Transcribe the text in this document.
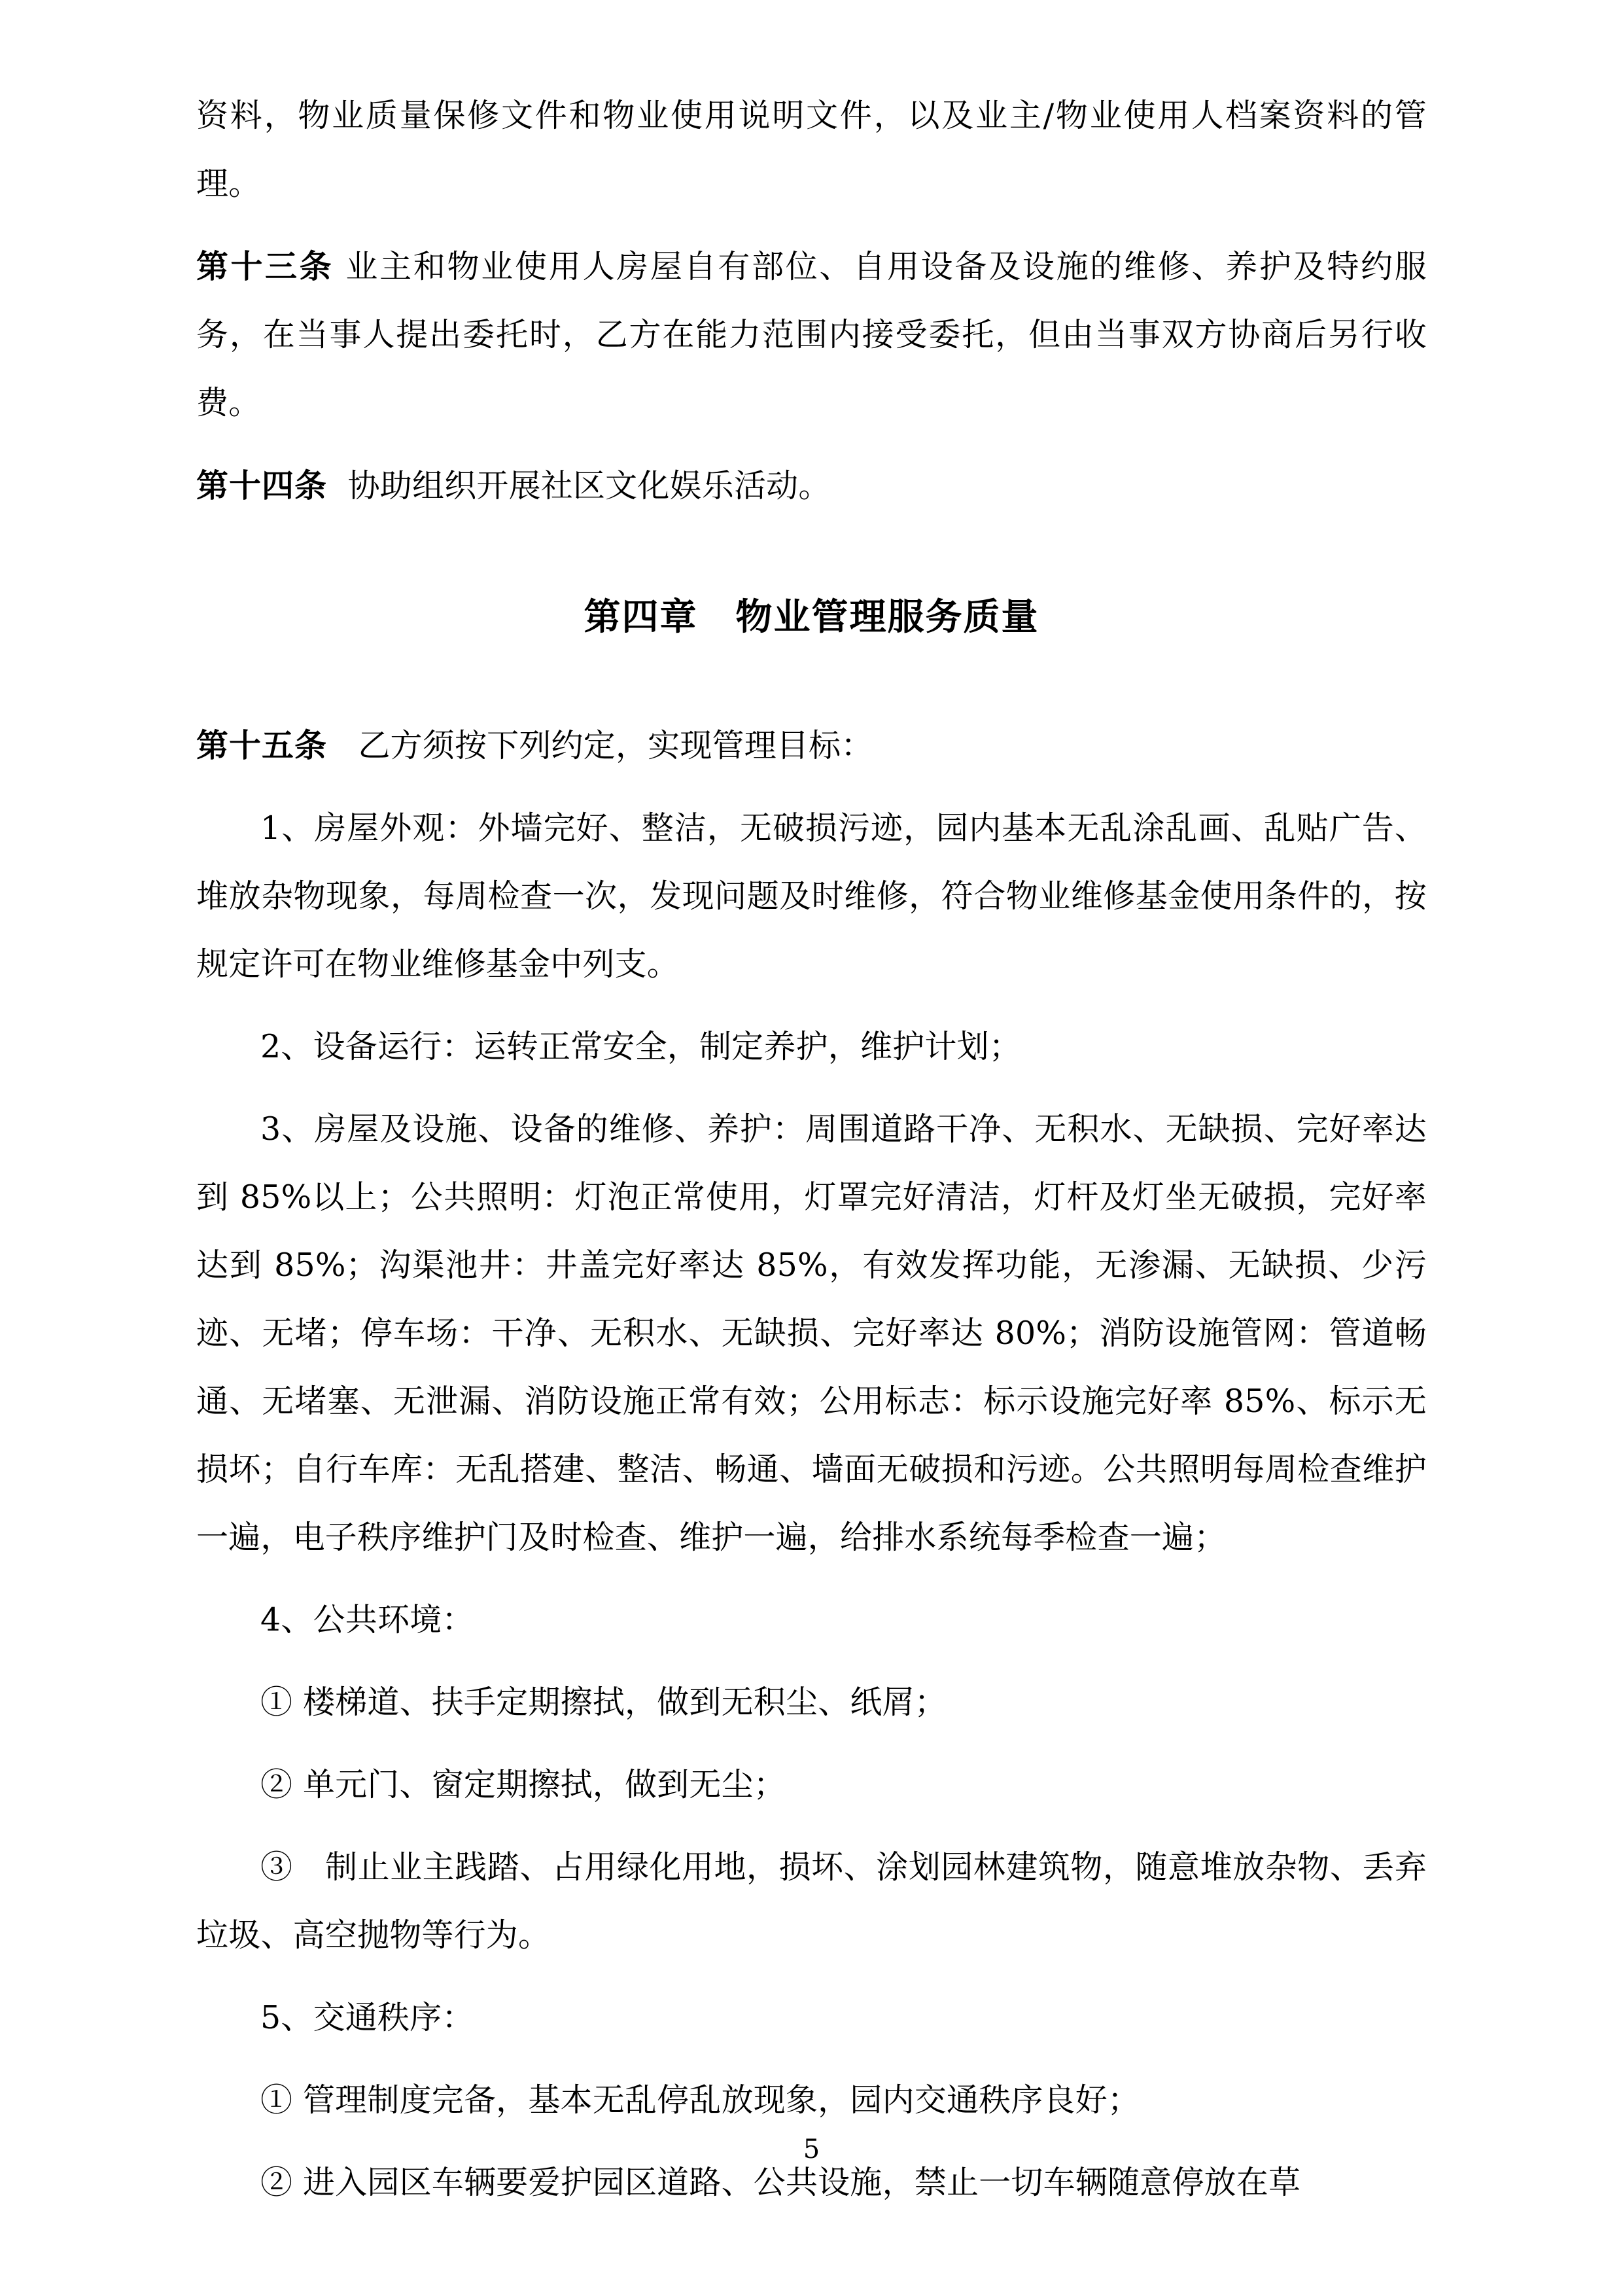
资料，物业质量保修文件和物业使用说明文件，以及业主/物业使用人档案资料的管理。

第十三条 业主和物业使用人房屋自有部位、自用设备及设施的维修、养护及特约服务，在当事人提出委托时，乙方在能力范围内接受委托，但由当事双方协商后另行收费。

第十四条 协助组织开展社区文化娱乐活动。

第四章　物业管理服务质量

第十五条 乙方须按下列约定，实现管理目标：

1、房屋外观：外墙完好、整洁，无破损污迹，园内基本无乱涂乱画、乱贴广告、堆放杂物现象，每周检查一次，发现问题及时维修，符合物业维修基金使用条件的，按规定许可在物业维修基金中列支。

2、设备运行：运转正常安全，制定养护，维护计划；

3、房屋及设施、设备的维修、养护：周围道路干净、无积水、无缺损、完好率达到 85%以上；公共照明：灯泡正常使用，灯罩完好清洁，灯杆及灯坐无破损，完好率达到 85%；沟渠池井：井盖完好率达 85%，有效发挥功能，无渗漏、无缺损、少污迹、无堵；停车场：干净、无积水、无缺损、完好率达 80%；消防设施管网：管道畅通、无堵塞、无泄漏、消防设施正常有效；公用标志：标示设施完好率 85%、标示无损坏；自行车库：无乱搭建、整洁、畅通、墙面无破损和污迹。公共照明每周检查维护一遍，电子秩序维护门及时检查、维护一遍，给排水系统每季检查一遍；

4、公共环境：

① 楼梯道、扶手定期擦拭，做到无积尘、纸屑；

② 单元门、窗定期擦拭，做到无尘；

③　制止业主践踏、占用绿化用地，损坏、涂划园林建筑物，随意堆放杂物、丢弃垃圾、高空抛物等行为。

5、交通秩序：

① 管理制度完备，基本无乱停乱放现象，园内交通秩序良好；

② 进入园区车辆要爱护园区道路、公共设施，禁止一切车辆随意停放在草

5
